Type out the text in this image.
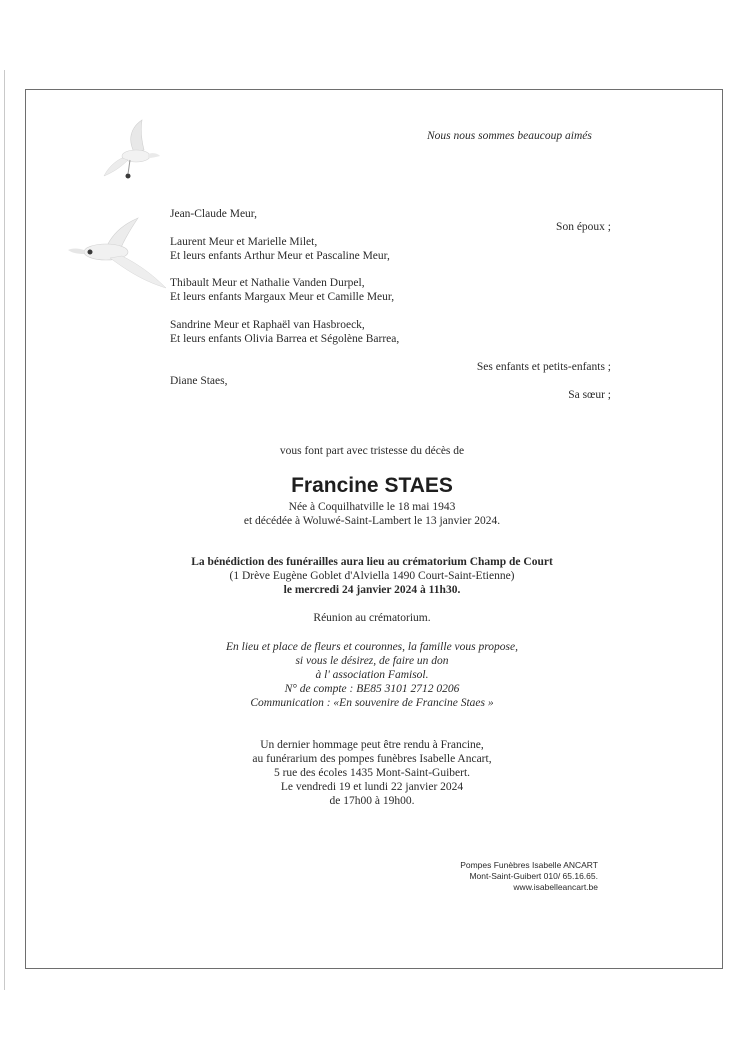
Nous nous sommes beaucoup aimés
Jean-Claude Meur,
Son époux ;
Laurent Meur et Marielle Milet,
Et leurs enfants Arthur Meur et Pascaline Meur,
Thibault Meur et Nathalie Vanden Durpel,
Et leurs enfants Margaux Meur et Camille Meur,
Sandrine Meur et Raphaël van Hasbroeck,
Et leurs enfants Olivia Barrea et Ségolène Barrea,
Ses enfants et petits-enfants ;
Diane Staes,
Sa sœur ;
vous font part avec tristesse du décès de
Francine STAES
Née à Coquilhatville le 18 mai 1943
et décédée à Woluwé-Saint-Lambert le 13 janvier 2024.
La bénédiction des funérailles aura lieu au crématorium Champ de Court
(1 Drève Eugène Goblet d'Alviella 1490 Court-Saint-Etienne)
le mercredi 24 janvier 2024 à 11h30.
Réunion au crématorium.
En lieu et place de fleurs et couronnes, la famille vous propose,
si vous le désirez, de faire un don
à l' association Famisol.
N° de compte : BE85 3101 2712 0206
Communication : «En souvenire de Francine Staes »
Un dernier hommage peut être rendu à Francine,
au funérarium des pompes funèbres Isabelle Ancart,
5 rue des écoles 1435 Mont-Saint-Guibert.
Le vendredi 19 et lundi 22 janvier 2024
de 17h00 à 19h00.
Pompes Funèbres Isabelle ANCART
Mont-Saint-Guibert 010/ 65.16.65.
www.isabelleancart.be
